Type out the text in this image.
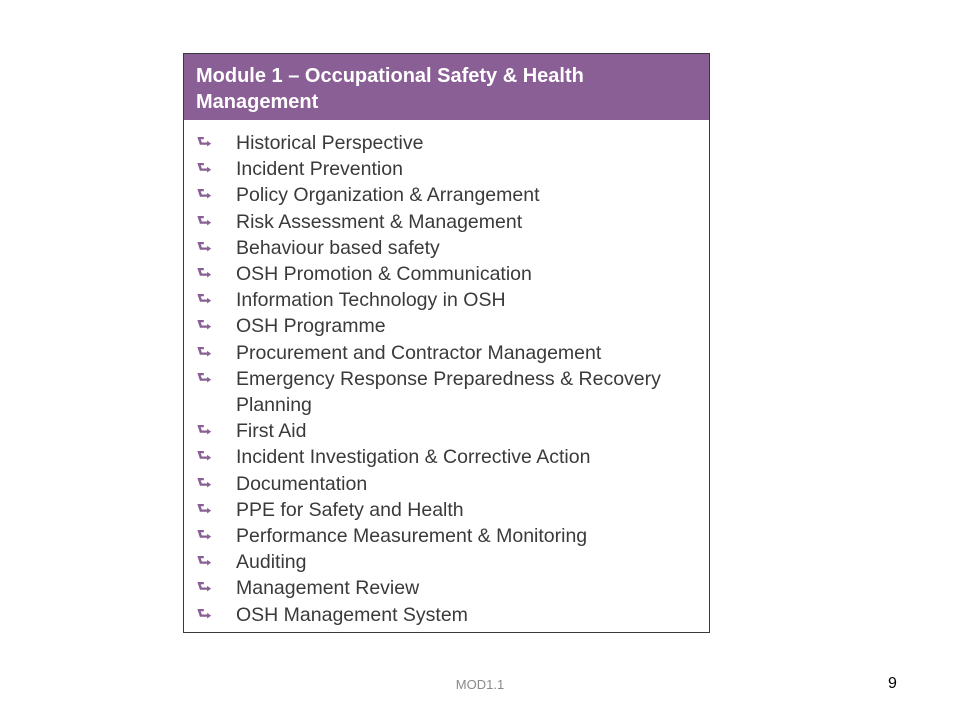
Module 1 – Occupational Safety & Health Management
⮑ Historical Perspective
⮑ Incident Prevention
⮑ Policy Organization & Arrangement
⮑ Risk Assessment & Management
⮑ Behaviour based safety
⮑ OSH Promotion & Communication
⮑ Information Technology in OSH
⮑ OSH Programme
⮑ Procurement and Contractor Management
⮑ Emergency Response Preparedness & Recovery Planning
⮑ First Aid
⮑ Incident Investigation & Corrective Action
⮑ Documentation
⮑ PPE for Safety and Health
⮑ Performance Measurement & Monitoring
⮑ Auditing
⮑ Management Review
⮑ OSH Management System
MOD1.1	9
